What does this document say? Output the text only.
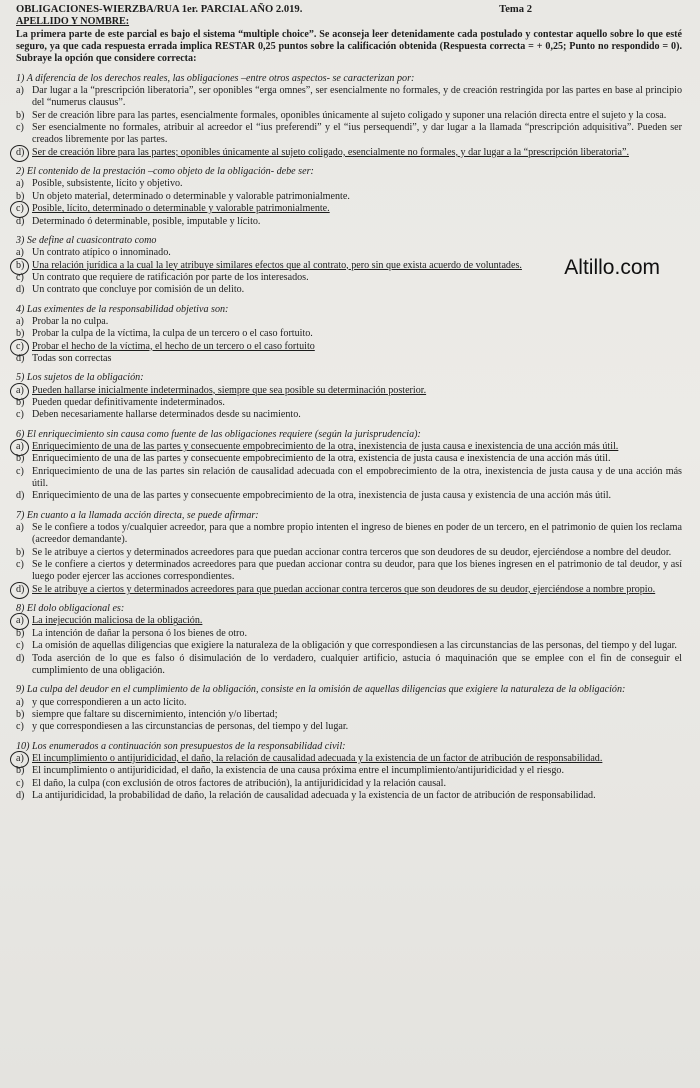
OBLIGACIONES-WIERZBA/RUA 1er. PARCIAL AÑO 2.019.	Tema 2
APELLIDO Y NOMBRE:
La primera parte de este parcial es bajo el sistema “multiple choice”. Se aconseja leer detenidamente cada postulado y contestar aquello sobre lo que esté seguro, ya que cada respuesta errada implica RESTAR 0,25 puntos sobre la calificación obtenida (Respuesta correcta = + 0,25; Punto no respondido = 0). Subraye la opción que considere correcta:
1) A diferencia de los derechos reales, las obligaciones –entre otros aspectos- se caracterizan por:
a) Dar lugar a la “prescripción liberatoria”, ser oponibles “erga omnes”, ser esencialmente no formales, y de creación restringida por las partes en base al principio del “numerus clausus”.
b) Ser de creación libre para las partes, esencialmente formales, oponibles únicamente al sujeto coligado y suponer una relación directa entre el sujeto y la cosa.
c) Ser esencialmente no formales, atribuir al acreedor el “ius preferendi” y el “ius persequendi”, y dar lugar a la llamada “prescripción adquisitiva”. Pueden ser creados libremente por las partes.
d) Ser de creación libre para las partes; oponibles únicamente al sujeto coligado, esencialmente no formales, y dar lugar a la “prescripción liberatoria”.
2) El contenido de la prestación –como objeto de la obligación- debe ser:
a) Posible, subsistente, lícito y objetivo.
b) Un objeto material, determinado o determinable y valorable patrimonialmente.
c) Posible, lícito, determinado o determinable y valorable patrimonialmente.
d) Determinado ó determinable, posible, imputable y lícito.
3) Se define al cuasicontrato como
a) Un contrato atípico o innominado.
b) Una relación jurídica a la cual la ley atribuye similares efectos que al contrato, pero sin que exista acuerdo de voluntades.
c) Un contrato que requiere de ratificación por parte de los interesados.
d) Un contrato que concluye por comisión de un delito.
4) Las eximentes de la responsabilidad objetiva son:
a) Probar la no culpa.
b) Probar la culpa de la víctima, la culpa de un tercero o el caso fortuito.
c) Probar el hecho de la víctima, el hecho de un tercero o el caso fortuito
d) Todas son correctas
5) Los sujetos de la obligación:
a) Pueden hallarse inicialmente indeterminados, siempre que sea posible su determinación posterior.
b) Pueden quedar definitivamente indeterminados.
c) Deben necesariamente hallarse determinados desde su nacimiento.
6) El enriquecimiento sin causa como fuente de las obligaciones requiere (según la jurisprudencia):
a) Enriquecimiento de una de las partes y consecuente empobrecimiento de la otra, inexistencia de justa causa e inexistencia de una acción más útil.
b) Enriquecimiento de una de las partes y consecuente empobrecimiento de la otra, existencia de justa causa e inexistencia de una acción más útil.
c) Enriquecimiento de una de las partes sin relación de causalidad adecuada con el empobrecimiento de la otra, inexistencia de justa causa y de una acción más útil.
d) Enriquecimiento de una de las partes y consecuente empobrecimiento de la otra, inexistencia de justa causa y existencia de una acción más útil.
7) En cuanto a la llamada acción directa, se puede afirmar:
a) Se le confiere a todos y/cualquier acreedor, para que a nombre propio intenten el ingreso de bienes en poder de un tercero, en el patrimonio de quien los reclama (acreedor demandante).
b) Se le atribuye a ciertos y determinados acreedores para que puedan accionar contra terceros que son deudores de su deudor, ejerciéndose a nombre del deudor.
c) Se le confiere a ciertos y determinados acreedores para que puedan accionar contra su deudor, para que los bienes ingresen en el patrimonio de tal deudor, y así luego poder ejercer las acciones correspondientes.
d) Se le atribuye a ciertos y determinados acreedores para que puedan accionar contra terceros que son deudores de su deudor, ejerciéndose a nombre propio.
8) El dolo obligacional es:
a) La inejecución maliciosa de la obligación.
b) La intención de dañar la persona ó los bienes de otro.
c) La omisión de aquellas diligencias que exigiere la naturaleza de la obligación y que correspondiesen a las circunstancias de las personas, del tiempo y del lugar.
d) Toda aserción de lo que es falso ó disimulación de lo verdadero, cualquier artificio, astucia ó maquinación que se emplee con el fin de conseguir el cumplimiento de una obligación.
9) La culpa del deudor en el cumplimiento de la obligación, consiste en la omisión de aquellas diligencias que exigiere la naturaleza de la obligación:
a) y que correspondieren a un acto lícito.
b) siempre que faltare su discernimiento, intención y/o libertad;
c) y que correspondiesen a las circunstancias de personas, del tiempo y del lugar.
10) Los enumerados a continuación son presupuestos de la responsabilidad civil:
a) El incumplimiento o antijuridicidad, el daño, la relación de causalidad adecuada y la existencia de un factor de atribución de responsabilidad.
b) El incumplimiento o antijuridicidad, el daño, la existencia de una causa próxima entre el incumplimiento/antijuridicidad y el riesgo.
c) El daño, la culpa (con exclusión de otros factores de atribución), la antijuridicidad y la relación causal.
d) La antijuridicidad, la probabilidad de daño, la relación de causalidad adecuada y la existencia de un factor de atribución de responsabilidad.
Altillo.com
